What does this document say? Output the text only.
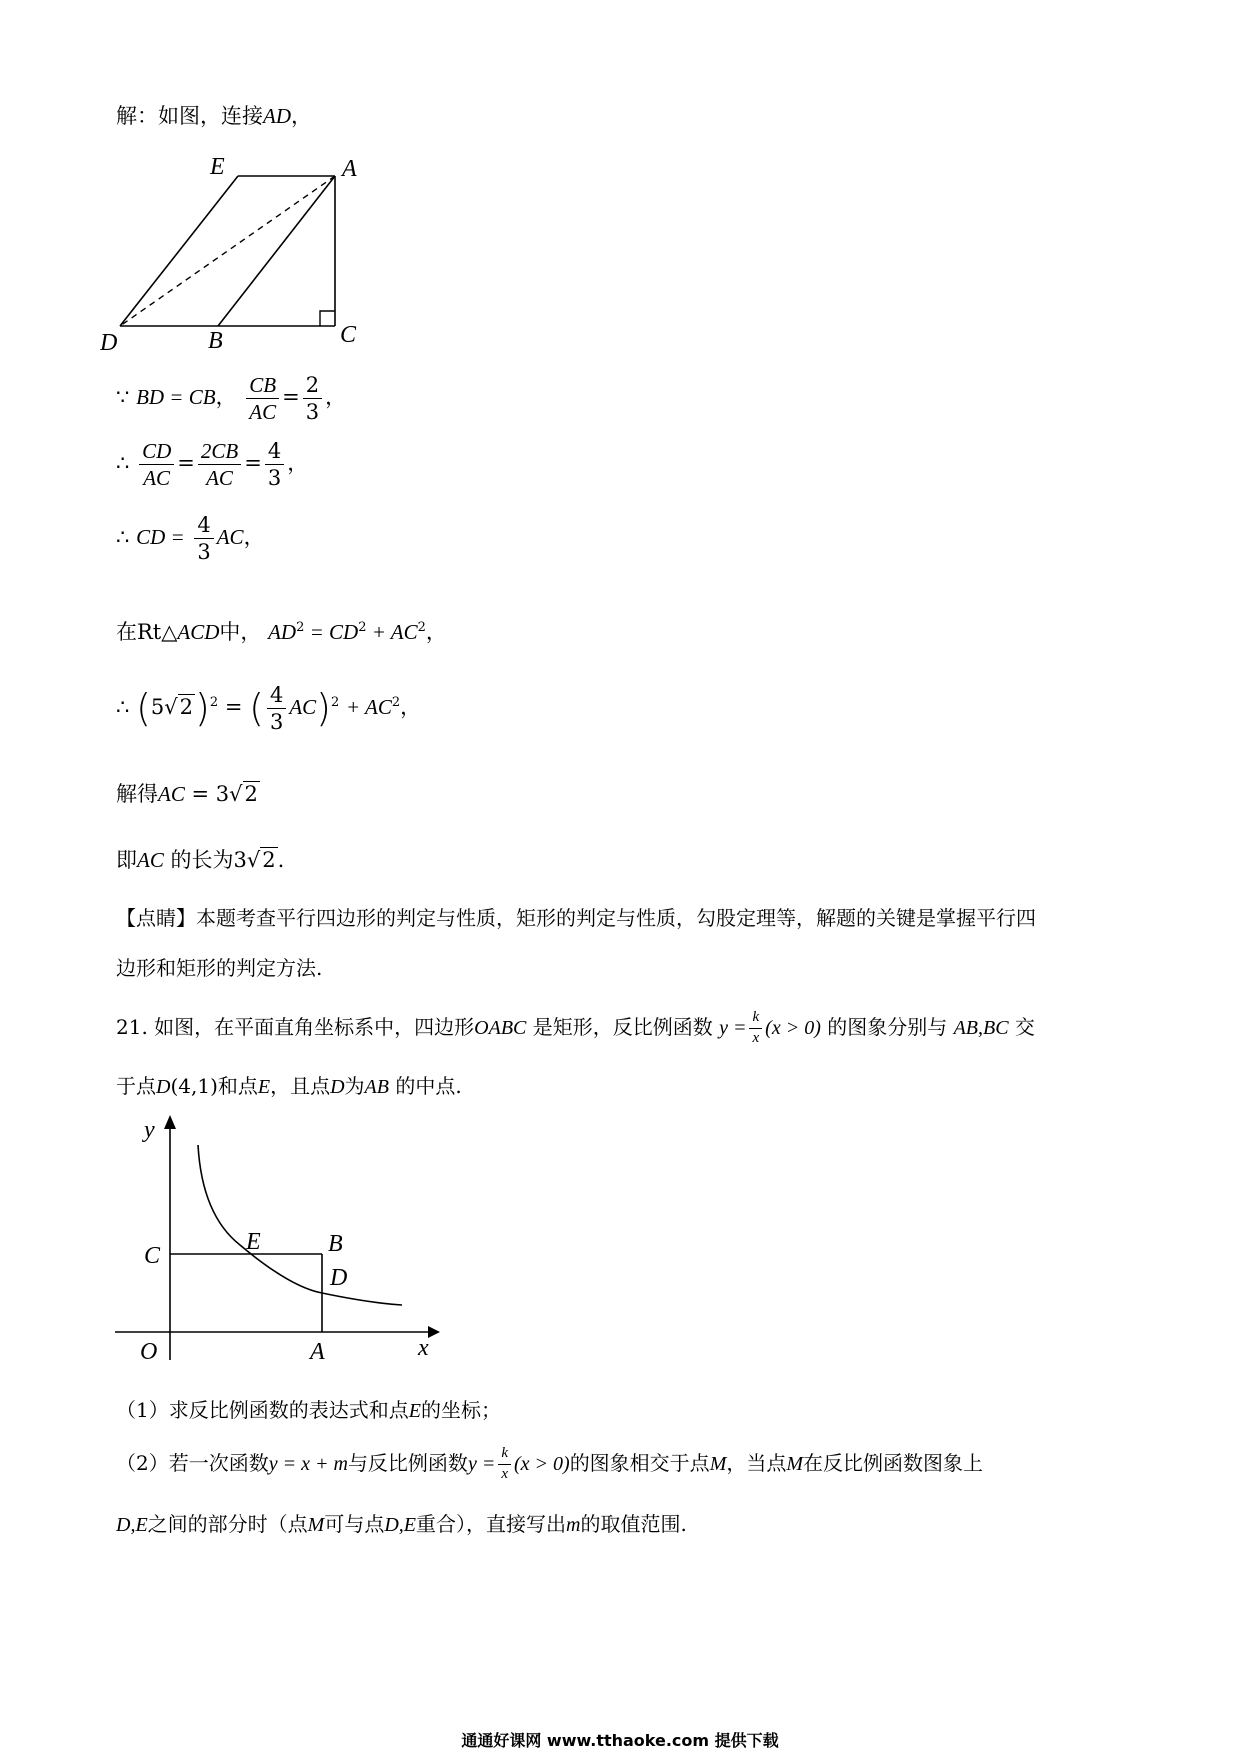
解：如图，连接AD，
E	A
D	B	C
∵ BD = CB， $\frac{CB}{AC} = \frac{2}{3}$ ，
∴ $\frac{CD}{AC} = \frac{2CB}{AC} = \frac{4}{3}$ ，
∴ CD = $\frac{4}{3}$ AC，
在Rt△ACD中， $AD^2 = CD^2 + AC^2$，
∴ $(5√2)^2$ = ( $\frac{4}{3} AC)^2 + AC^2$，
解得AC = 3√2
即AC 的长为3√2.
【点睛】本题考查平行四边形的判定与性质，矩形的判定与性质，勾股定理等，解题的关键是掌握平行四
边形和矩形的判定方法.
21. 如图，在平面直角坐标系中，四边形OABC 是矩形，反比例函数 $y = \frac{k}{x} (x > 0)$ 的图象分别与 AB,BC 交
于点D(4,1)和点E，且点D为AB 的中点.
y
x
O	A
B
C
D
E
（1）求反比例函数的表达式和点E的坐标；
（2）若一次函数y = x + m与反比例函数$y = \frac{k}{x} (x > 0)$的图象相交于点M，当点M在反比例函数图象上
D,E之间的部分时（点M可与点D,E重合），直接写出m的取值范围.
通通好课网 www.tthaoke.com 提供下载
